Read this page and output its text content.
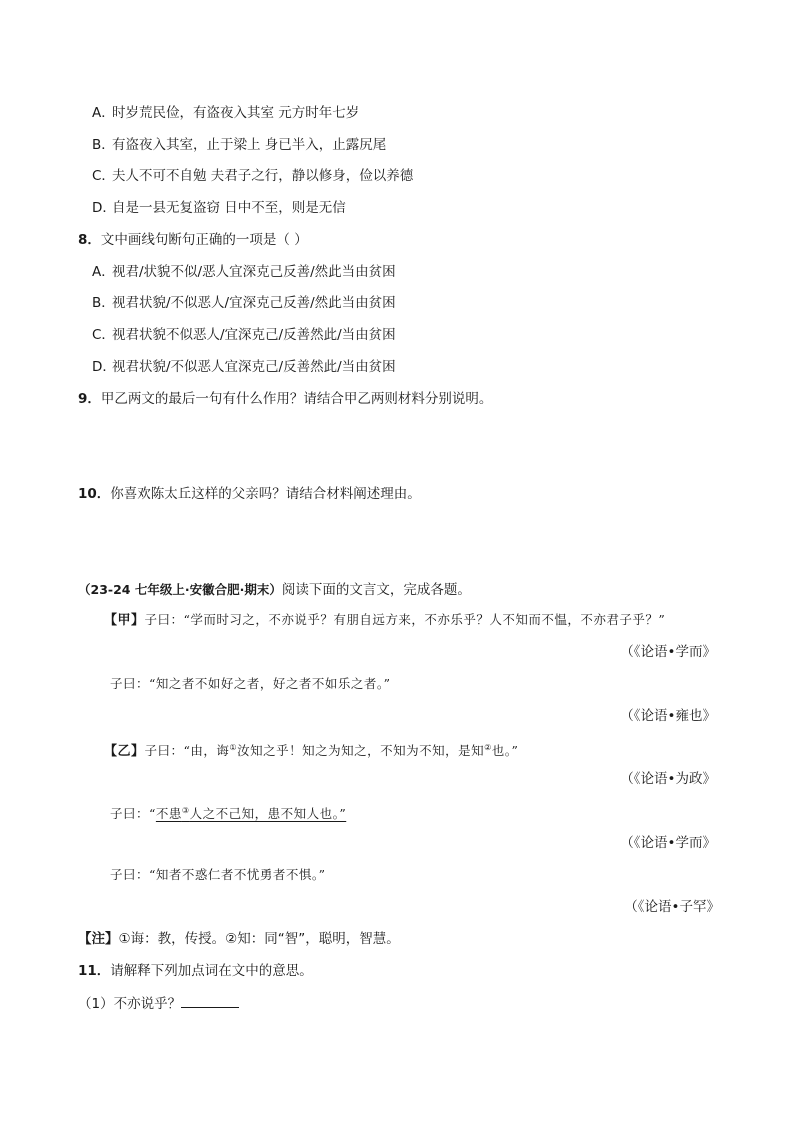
A．时岁荒民俭，有盗夜入其室 元方时年七岁
B．有盗夜入其室，止于梁上 身已半入，止露尻尾
C．夫人不可不自勉 夫君子之行，静以修身，俭以养德
D．自是一县无复盗窃 日中不至，则是无信
8．文中画线句断句正确的一项是（ ）
A．视君/状貌不似/恶人宜深克己反善/然此当由贫困
B．视君状貌/不似恶人/宜深克己反善/然此当由贫困
C．视君状貌不似恶人/宜深克己/反善然此/当由贫困
D．视君状貌/不似恶人宜深克己/反善然此/当由贫困
9．甲乙两文的最后一句有什么作用？请结合甲乙两则材料分别说明。
10．你喜欢陈太丘这样的父亲吗？请结合材料阐述理由。
（23-24 七年级上·安徽合肥·期末）阅读下面的文言文，完成各题。
【甲】子曰：“学而时习之，不亦说乎？有朋自远方来，不亦乐乎？人不知而不愠，不亦君子乎？”
（《论语•学而》
子曰：“知之者不如好之者，好之者不如乐之者。”
（《论语•雍也》
【乙】子曰：“由，诲①汝知之乎！知之为知之，不知为不知，是知②也。”
（《论语•为政》
子曰：“不患③人之不己知，患不知人也。”
（《论语•学而》
子曰：“知者不惑仁者不忧勇者不惧。”
（《论语•子罕》
【注】①诲：教，传授。②知：同“智”，聪明，智慧。
11．请解释下列加点词在文中的意思。
（1）不亦说乎？
